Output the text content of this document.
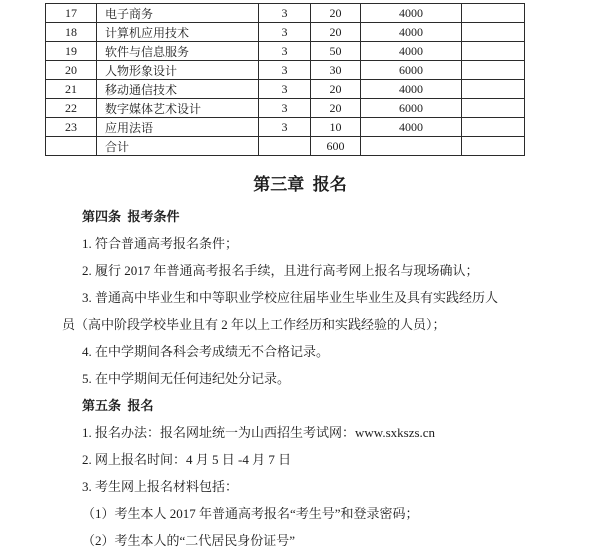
17	电子商务	3	20	4000	
18	计算机应用技术	3	20	4000	
19	软件与信息服务	3	50	4000	
20	人物形象设计	3	30	6000	
21	移动通信技术	3	20	4000	
22	数字媒体艺术设计	3	20	6000	
23	应用法语	3	10	4000	
	合计		600		
第三章  报名

第四条  报考条件

1. 符合普通高考报名条件；

2. 履行 2017 年普通高考报名手续，且进行高考网上报名与现场确认；

3. 普通高中毕业生和中等职业学校应往届毕业生毕业生及具有实践经历人员（高中阶段学校毕业且有 2 年以上工作经历和实践经验的人员）；

4. 在中学期间各科会考成绩无不合格记录。

5. 在中学期间无任何违纪处分记录。

第五条  报名

1. 报名办法：报名网址统一为山西招生考试网：www.sxkszs.cn

2. 网上报名时间：4 月 5 日 -4 月 7 日

3. 考生网上报名材料包括：

（1）考生本人 2017 年普通高考报名“考生号”和登录密码；

（2）考生本人的“二代居民身份证号”
